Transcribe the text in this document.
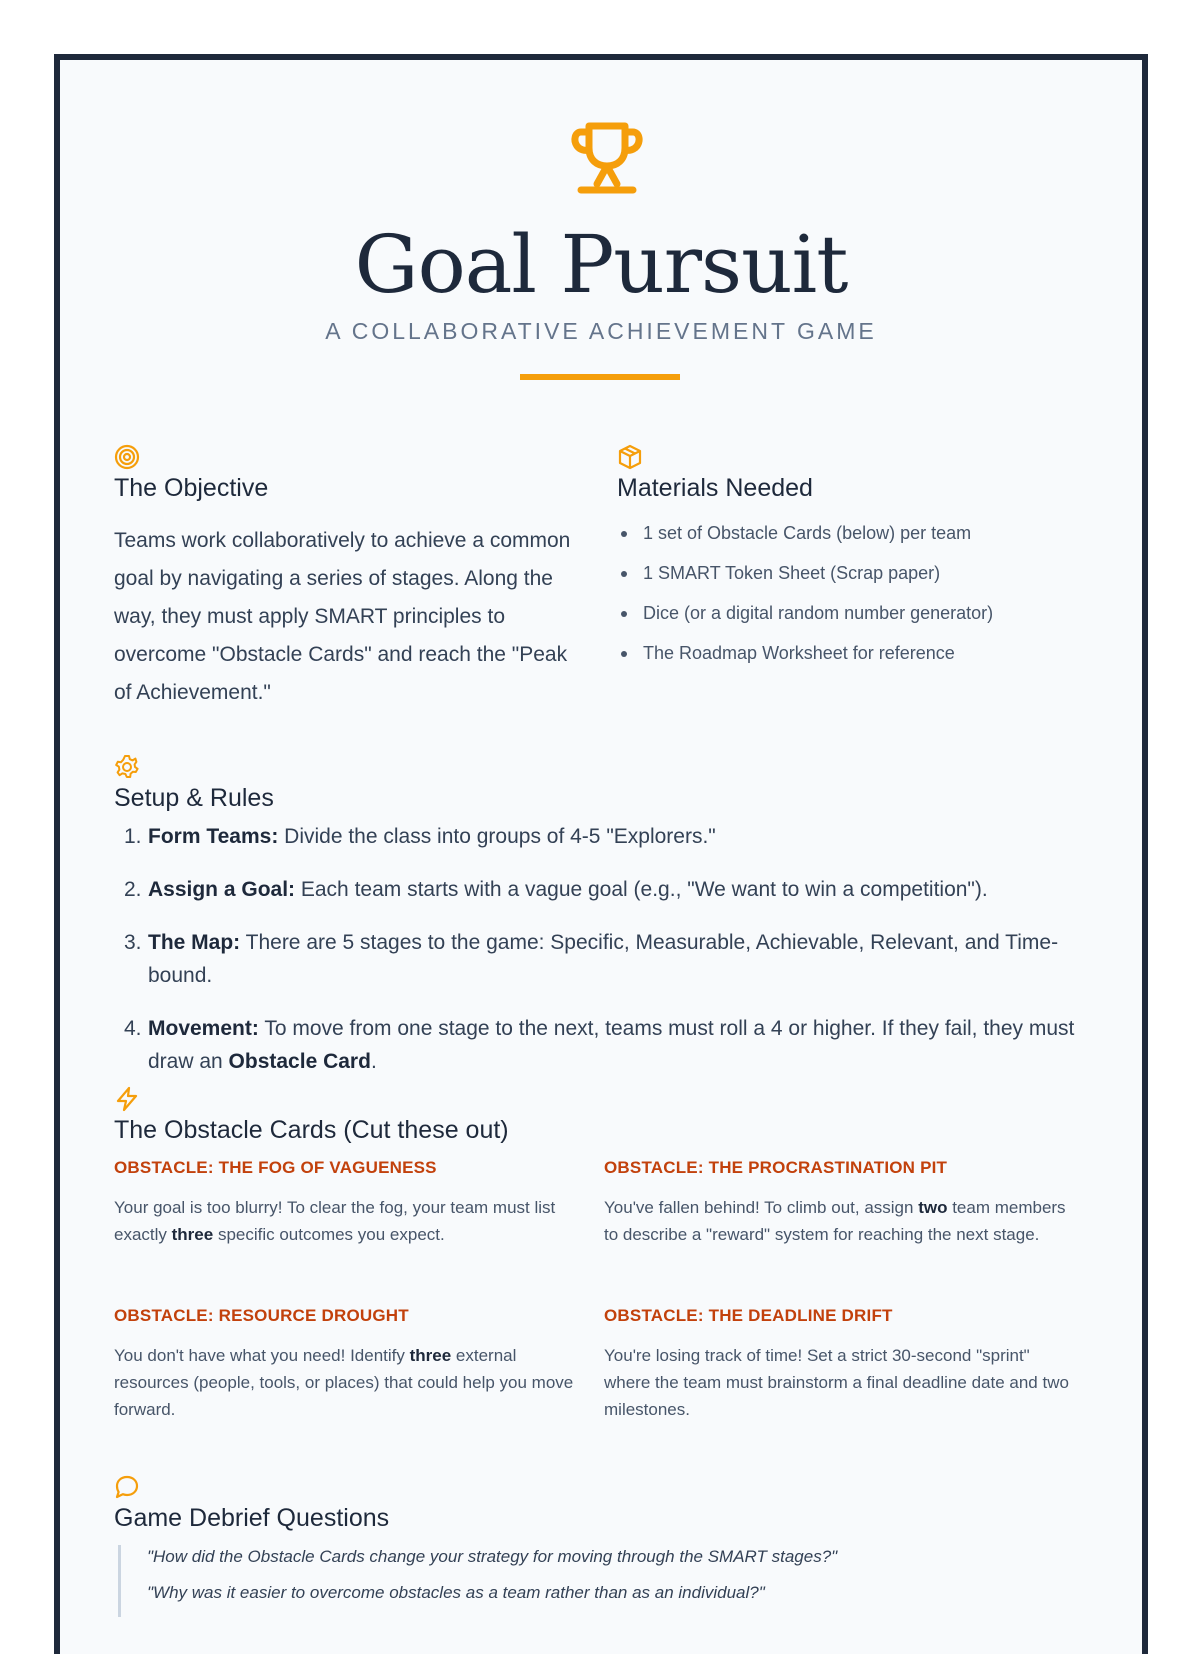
Goal Pursuit
A COLLABORATIVE ACHIEVEMENT GAME
The Objective
Teams work collaboratively to achieve a common goal by navigating a series of stages. Along the way, they must apply SMART principles to overcome "Obstacle Cards" and reach the "Peak of Achievement."
Materials Needed
1 set of Obstacle Cards (below) per team
1 SMART Token Sheet (Scrap paper)
Dice (or a digital random number generator)
The Roadmap Worksheet for reference
Setup & Rules
1. Form Teams: Divide the class into groups of 4-5 "Explorers."
2. Assign a Goal: Each team starts with a vague goal (e.g., "We want to win a competition").
3. The Map: There are 5 stages to the game: Specific, Measurable, Achievable, Relevant, and Time-bound.
4. Movement: To move from one stage to the next, teams must roll a 4 or higher. If they fail, they must draw an Obstacle Card.
The Obstacle Cards (Cut these out)
OBSTACLE: THE FOG OF VAGUENESS
Your goal is too blurry! To clear the fog, your team must list exactly three specific outcomes you expect.
OBSTACLE: THE PROCRASTINATION PIT
You've fallen behind! To climb out, assign two team members to describe a "reward" system for reaching the next stage.
OBSTACLE: RESOURCE DROUGHT
You don't have what you need! Identify three external resources (people, tools, or places) that could help you move forward.
OBSTACLE: THE DEADLINE DRIFT
You're losing track of time! Set a strict 30-second "sprint" where the team must brainstorm a final deadline date and two milestones.
Game Debrief Questions

"How did the Obstacle Cards change your strategy for moving through the SMART stages?"

"Why was it easier to overcome obstacles as a team rather than as an individual?"
